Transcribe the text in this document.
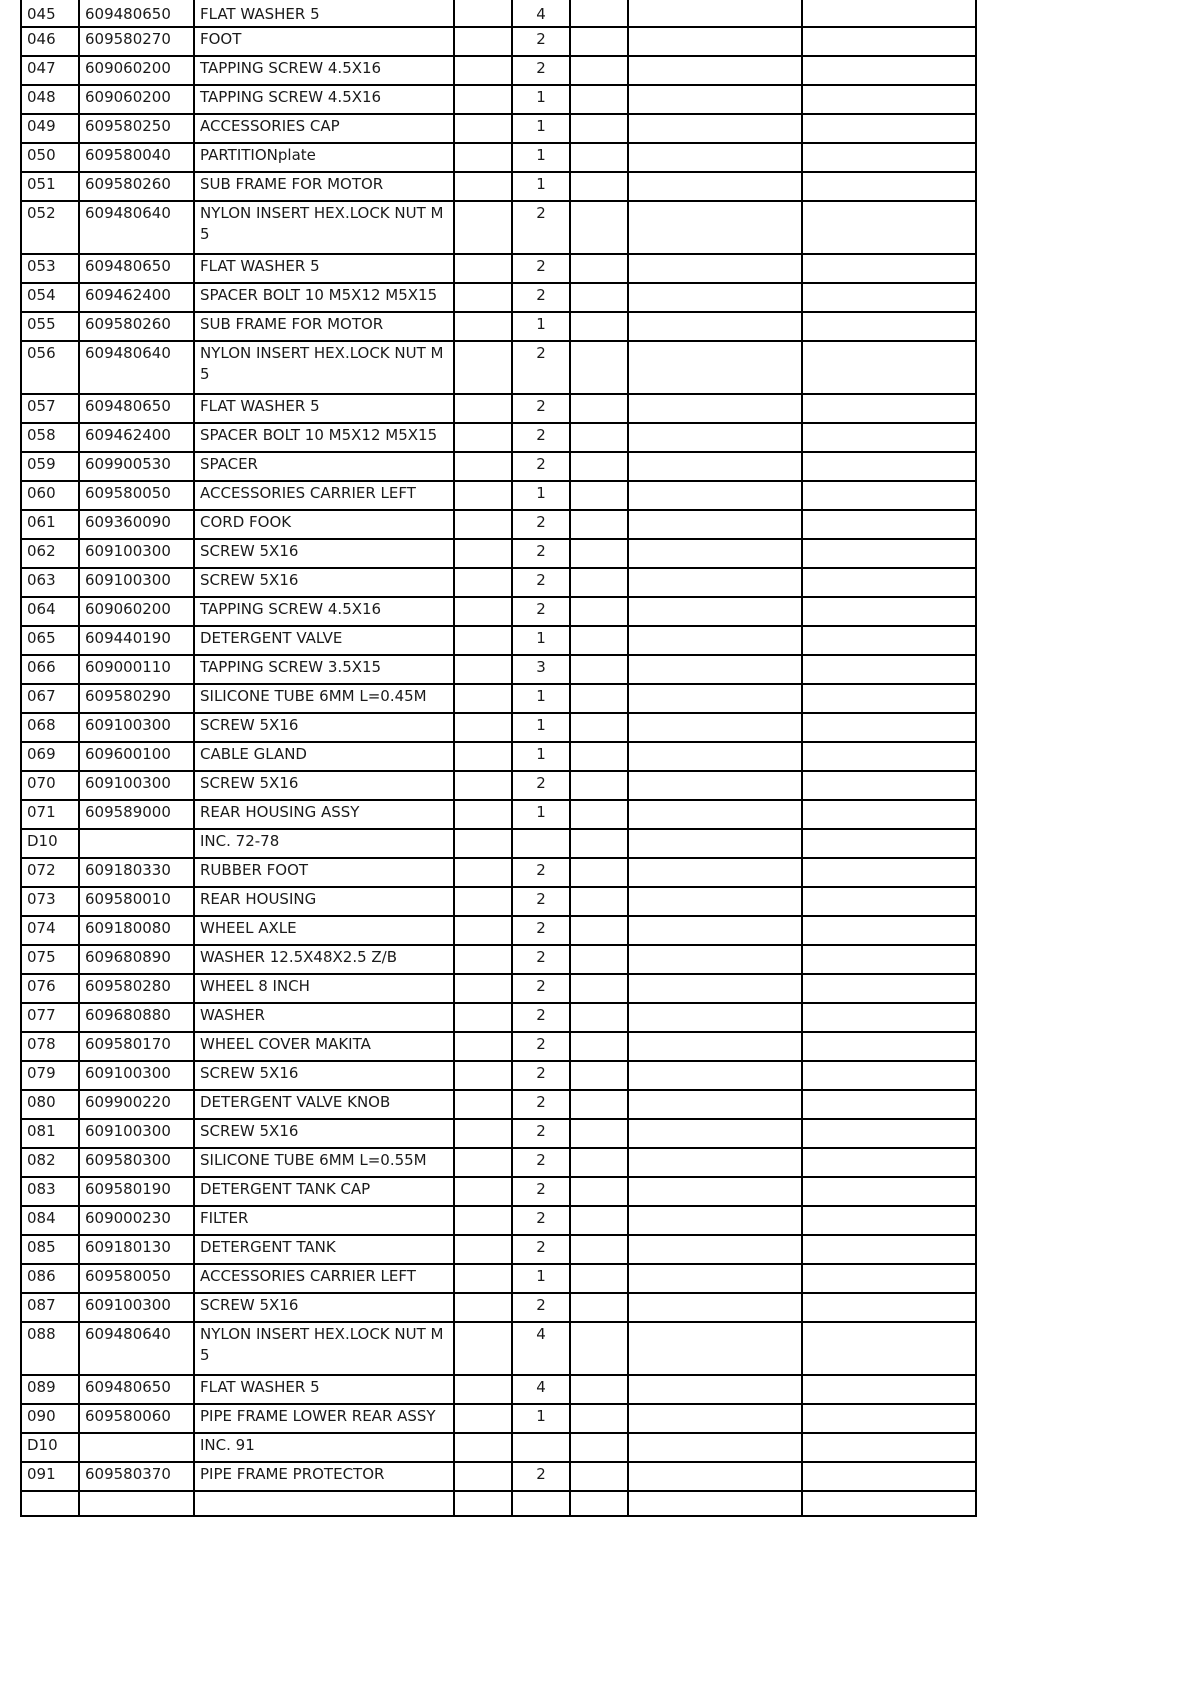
045	609480650	FLAT WASHER 5		4			
046	609580270	FOOT		2			
047	609060200	TAPPING SCREW 4.5X16		2			
048	609060200	TAPPING SCREW 4.5X16		1			
049	609580250	ACCESSORIES CAP		1			
050	609580040	PARTITIONplate		1			
051	609580260	SUB FRAME FOR MOTOR		1			
052	609480640	NYLON INSERT HEX.LOCK NUT M 5		2			
053	609480650	FLAT WASHER 5		2			
054	609462400	SPACER BOLT 10 M5X12 M5X15		2			
055	609580260	SUB FRAME FOR MOTOR		1			
056	609480640	NYLON INSERT HEX.LOCK NUT M 5		2			
057	609480650	FLAT WASHER 5		2			
058	609462400	SPACER BOLT 10 M5X12 M5X15		2			
059	609900530	SPACER		2			
060	609580050	ACCESSORIES CARRIER LEFT		1			
061	609360090	CORD FOOK		2			
062	609100300	SCREW 5X16		2			
063	609100300	SCREW 5X16		2			
064	609060200	TAPPING SCREW 4.5X16		2			
065	609440190	DETERGENT VALVE		1			
066	609000110	TAPPING SCREW 3.5X15		3			
067	609580290	SILICONE TUBE 6MM L=0.45M		1			
068	609100300	SCREW 5X16		1			
069	609600100	CABLE GLAND		1			
070	609100300	SCREW 5X16		2			
071	609589000	REAR HOUSING ASSY		1			
D10		INC. 72-78					
072	609180330	RUBBER FOOT		2			
073	609580010	REAR HOUSING		2			
074	609180080	WHEEL AXLE		2			
075	609680890	WASHER 12.5X48X2.5 Z/B		2			
076	609580280	WHEEL 8 INCH		2			
077	609680880	WASHER		2			
078	609580170	WHEEL COVER MAKITA		2			
079	609100300	SCREW 5X16		2			
080	609900220	DETERGENT VALVE KNOB		2			
081	609100300	SCREW 5X16		2			
082	609580300	SILICONE TUBE 6MM L=0.55M		2			
083	609580190	DETERGENT TANK CAP		2			
084	609000230	FILTER		2			
085	609180130	DETERGENT TANK		2			
086	609580050	ACCESSORIES CARRIER LEFT		1			
087	609100300	SCREW 5X16		2			
088	609480640	NYLON INSERT HEX.LOCK NUT M 5		4			
089	609480650	FLAT WASHER 5		4			
090	609580060	PIPE FRAME LOWER REAR ASSY		1			
D10		INC. 91					
091	609580370	PIPE FRAME PROTECTOR		2			
